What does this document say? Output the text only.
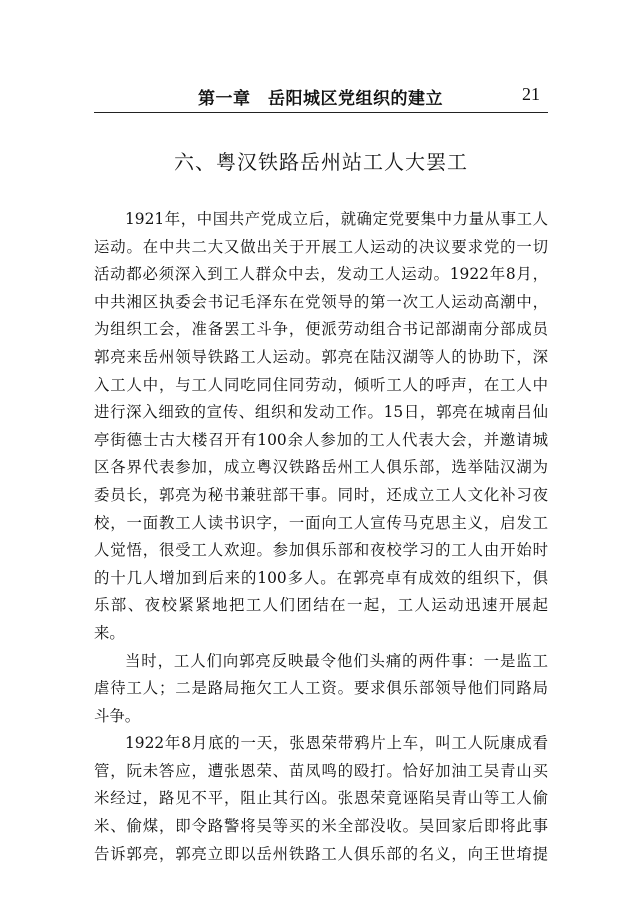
第一章　岳阳城区党组织的建立	21
六、粤汉铁路岳州站工人大罢工
1921年，中国共产党成立后，就确定党要集中力量从事工人
运动。在中共二大又做出关于开展工人运动的决议要求党的一切
活动都必须深入到工人群众中去，发动工人运动。1922年8月，
中共湘区执委会书记毛泽东在党领导的第一次工人运动高潮中，
为组织工会，准备罢工斗争，便派劳动组合书记部湖南分部成员
郭亮来岳州领导铁路工人运动。郭亮在陆汉湖等人的协助下，深
入工人中，与工人同吃同住同劳动，倾听工人的呼声，在工人中
进行深入细致的宣传、组织和发动工作。15日，郭亮在城南吕仙
亭街德士古大楼召开有100余人参加的工人代表大会，并邀请城
区各界代表参加，成立粤汉铁路岳州工人俱乐部，选举陆汉湖为
委员长，郭亮为秘书兼驻部干事。同时，还成立工人文化补习夜
校，一面教工人读书识字，一面向工人宣传马克思主义，启发工
人觉悟，很受工人欢迎。参加俱乐部和夜校学习的工人由开始时
的十几人增加到后来的100多人。在郭亮卓有成效的组织下，俱
乐部、夜校紧紧地把工人们团结在一起，工人运动迅速开展起
来。
当时，工人们向郭亮反映最令他们头痛的两件事：一是监工
虐待工人；二是路局拖欠工人工资。要求俱乐部领导他们同路局
斗争。
1922年8月底的一天，张恩荣带鸦片上车，叫工人阮康成看
管，阮未答应，遭张恩荣、苗凤鸣的殴打。恰好加油工吴青山买
米经过，路见不平，阻止其行凶。张恩荣竟诬陷吴青山等工人偷
米、偷煤，即令路警将吴等买的米全部没收。吴回家后即将此事
告诉郭亮，郭亮立即以岳州铁路工人俱乐部的名义，向王世堉提
